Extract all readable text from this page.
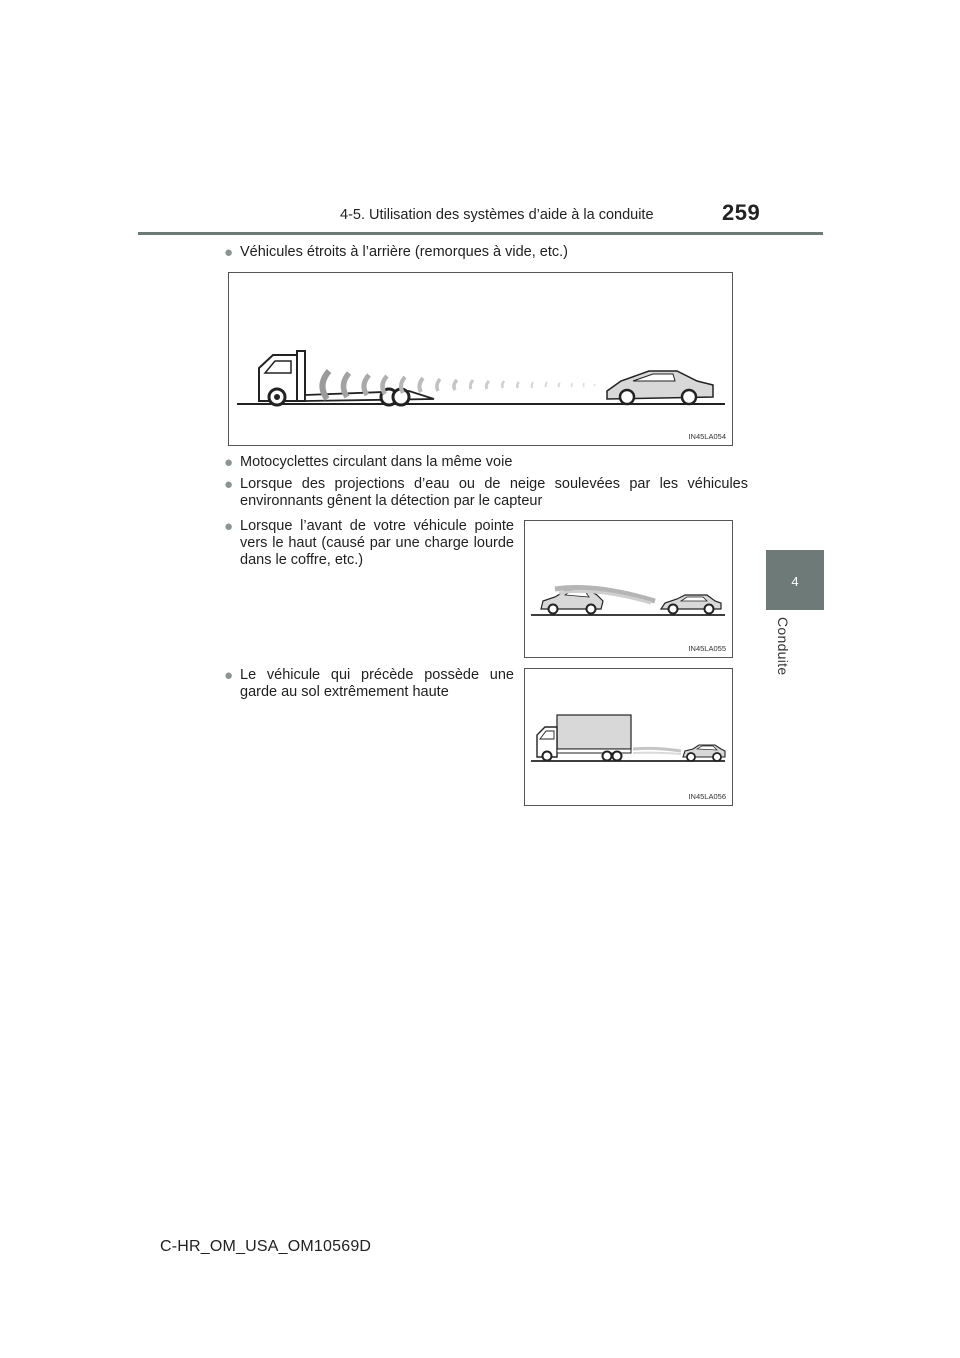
4-5. Utilisation des systèmes d’aide à la conduite	259
4
Conduite
● Véhicules étroits à l’arrière (remorques à vide, etc.)
IN45LA054
● Motocyclettes circulant dans la même voie
● Lorsque des projections d’eau ou de neige soulevées par les véhicules environnants gênent la détection par le capteur
● Lorsque l’avant de votre véhicule pointe vers le haut (causé par une charge lourde dans le coffre, etc.)
IN45LA055
● Le véhicule qui précède possède une garde au sol extrêmement haute
IN45LA056
C-HR_OM_USA_OM10569D
